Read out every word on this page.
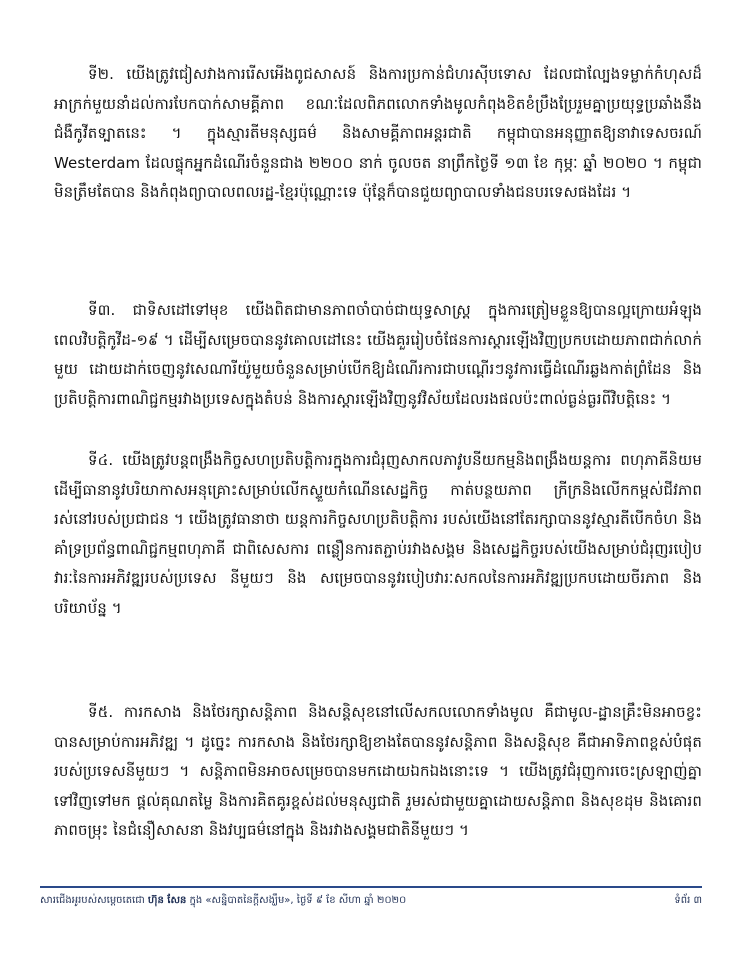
ទី២. យើងត្រូវជៀសវាងការរើសអើងពូជសាសន៍ និងការប្រកាន់ជំហរស៊ីបទោស ដែលជាល្បែងទម្លាក់កំហុសដ៏អាក្រក់មួយនាំដល់ការបែកបាក់សាមគ្គីភាព ខណៈដែលពិភពលោកទាំងមូលកំពុងខិតខំប្រឹងប្រែរួមគ្នាប្រយុទ្ធប្រឆាំងនឹងជំងឺកូវីតទ្បាតនេះ ។ ក្នុងស្មារតីមនុស្សធម៌ និងសាមគ្គីភាពអន្តរជាតិ កម្ពុជាបានអនុញ្ញាតឱ្យនាវាទេសចរណ៍ Westerdam ដែលផ្ទុកអ្នកដំណើរចំនួនជាង ២២០០ នាក់ ចូលចត នាព្រឹកថ្ងៃទី ១៣ ខែ កុម្ភៈ ឆ្នាំ ២០២០ ។ កម្ពុជាមិនត្រឹមតែបាន និងកំពុងព្យាបាលពលរដ្ឋ-ខ្មែរប៉ុណ្ណោះទេ ប៉ុន្តែក៏បានជួយព្យាបាលទាំងជនបរទេសផងដែរ ។

ទី៣. ជាទិសដៅទៅមុខ យើងពិតជាមានភាពចាំបាច់ជាយុទ្ធសាស្ត្រ ក្នុងការត្រៀមខ្លួនឱ្យបានល្អក្រោយអំឡុងពេលវិបត្តិកូវីដ-១៩ ។ ដើម្បីសម្រេចបាននូវគោលដៅនេះ យើងគួររៀបចំផែនការស្តារឡើងវិញប្រកបដោយភាពជាក់លាក់មួយ ដោយដាក់ចេញនូវសេណារីយ៉ូមួយចំនួនសម្រាប់បើកឱ្យដំណើរការជាបណ្តើរៗនូវការធ្វើដំណើរឆ្លងកាត់ព្រំដែន និងប្រតិបត្តិការពាណិជ្ជកម្មរវាងប្រទេសក្នុងតំបន់ និងការស្តារឡើងវិញនូវវិស័យដែលរងផលប៉ះពាល់ធ្ងន់ធ្ងរពីវិបត្តិនេះ ។

ទី៤. យើងត្រូវបន្តពង្រឹងកិច្ចសហប្រតិបត្តិការក្នុងការជំរុញសាកលភាវូបនីយកម្មនិងពង្រឹងយន្តការ ពហុភាគីនិយម ដើម្បីធានានូវបរិយាកាសអនុគ្រោះសម្រាប់លើកស្ទួយកំណើនសេដ្ឋកិច្ច កាត់បន្ថយភាព ក្រីក្រនិងលើកកម្ពស់ជីវភាពរស់នៅរបស់ប្រជាជន ។ យើងត្រូវធានាថា យន្តការកិច្ចសហប្រតិបត្តិការ របស់យើងនៅតែរក្សាបាននូវស្មារតីបើកចំហ និងគាំទ្រប្រព័ន្ធពាណិជ្ជកម្មពហុភាគី ជាពិសេសការ ពន្លឿនការតភ្ជាប់រវាងសង្គម និងសេដ្ឋកិច្ចរបស់យើងសម្រាប់ជំរុញរបៀបវារៈនៃការអភិវឌ្ឍរបស់ប្រទេស នីមួយៗ និង សម្រេចបាននូវរបៀបវារៈសកលនៃការអភិវឌ្ឍប្រកបដោយចីរភាព និងបរិយាប័ន្ន ។

ទី៥. ការកសាង និងថែរក្សាសន្តិភាព និងសន្តិសុខនៅលើសកលលោកទាំងមូល គឺជាមូល-ដ្ឋានគ្រឹះមិនអាចខ្វះបានសម្រាប់ការអភិវឌ្ឍ ។ ដូច្នេះ ការកសាង និងថែរក្សាឱ្យខាងតែបាននូវសន្តិភាព និងសន្តិសុខ គឺជាអាទិភាពខ្ពស់បំផុតរបស់ប្រទេសនីមួយៗ ។ សន្តិភាពមិនអាចសម្រេចបានមកដោយឯកឯងនោះទេ ។ យើងត្រូវជំរុញការចេះស្រឡាញ់គ្នាទៅវិញទៅមក ផ្តល់គុណតម្លៃ និងការគិតគូរខ្ពស់ដល់មនុស្សជាតិ រួមរស់ជាមួយគ្នាដោយសន្តិភាព និងសុខដុម និងគោរពភាពចម្រុះ នៃជំនឿសាសនា និងវប្បធម៌នៅក្នុង និងរវាងសង្គមជាតិនីមួយៗ ។

សារជើងអូរបស់សម្តេចតេជោ ហ៊ុន សែន ក្នុង «សន្និបាតនៃក្តីសង្ឃឹម», ថ្ងៃទី ៩ ខែ សីហា ឆ្នាំ ២០២០	ទំព័រ ៣
